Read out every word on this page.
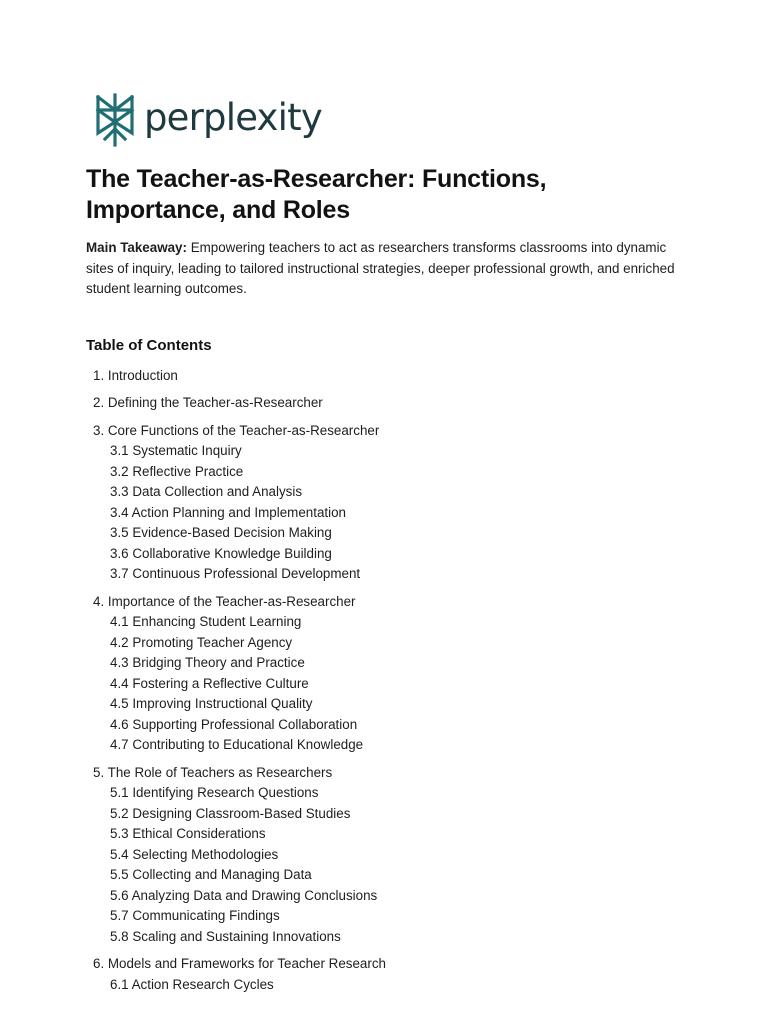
perplexity
The Teacher-as-Researcher: Functions,
Importance, and Roles
Main Takeaway: Empowering teachers to act as researchers transforms classrooms into dynamic sites of inquiry, leading to tailored instructional strategies, deeper professional growth, and enriched student learning outcomes.
Table of Contents
1. Introduction
2. Defining the Teacher-as-Researcher
3. Core Functions of the Teacher-as-Researcher
3.1 Systematic Inquiry
3.2 Reflective Practice
3.3 Data Collection and Analysis
3.4 Action Planning and Implementation
3.5 Evidence-Based Decision Making
3.6 Collaborative Knowledge Building
3.7 Continuous Professional Development
4. Importance of the Teacher-as-Researcher
4.1 Enhancing Student Learning
4.2 Promoting Teacher Agency
4.3 Bridging Theory and Practice
4.4 Fostering a Reflective Culture
4.5 Improving Instructional Quality
4.6 Supporting Professional Collaboration
4.7 Contributing to Educational Knowledge
5. The Role of Teachers as Researchers
5.1 Identifying Research Questions
5.2 Designing Classroom-Based Studies
5.3 Ethical Considerations
5.4 Selecting Methodologies
5.5 Collecting and Managing Data
5.6 Analyzing Data and Drawing Conclusions
5.7 Communicating Findings
5.8 Scaling and Sustaining Innovations
6. Models and Frameworks for Teacher Research
6.1 Action Research Cycles
